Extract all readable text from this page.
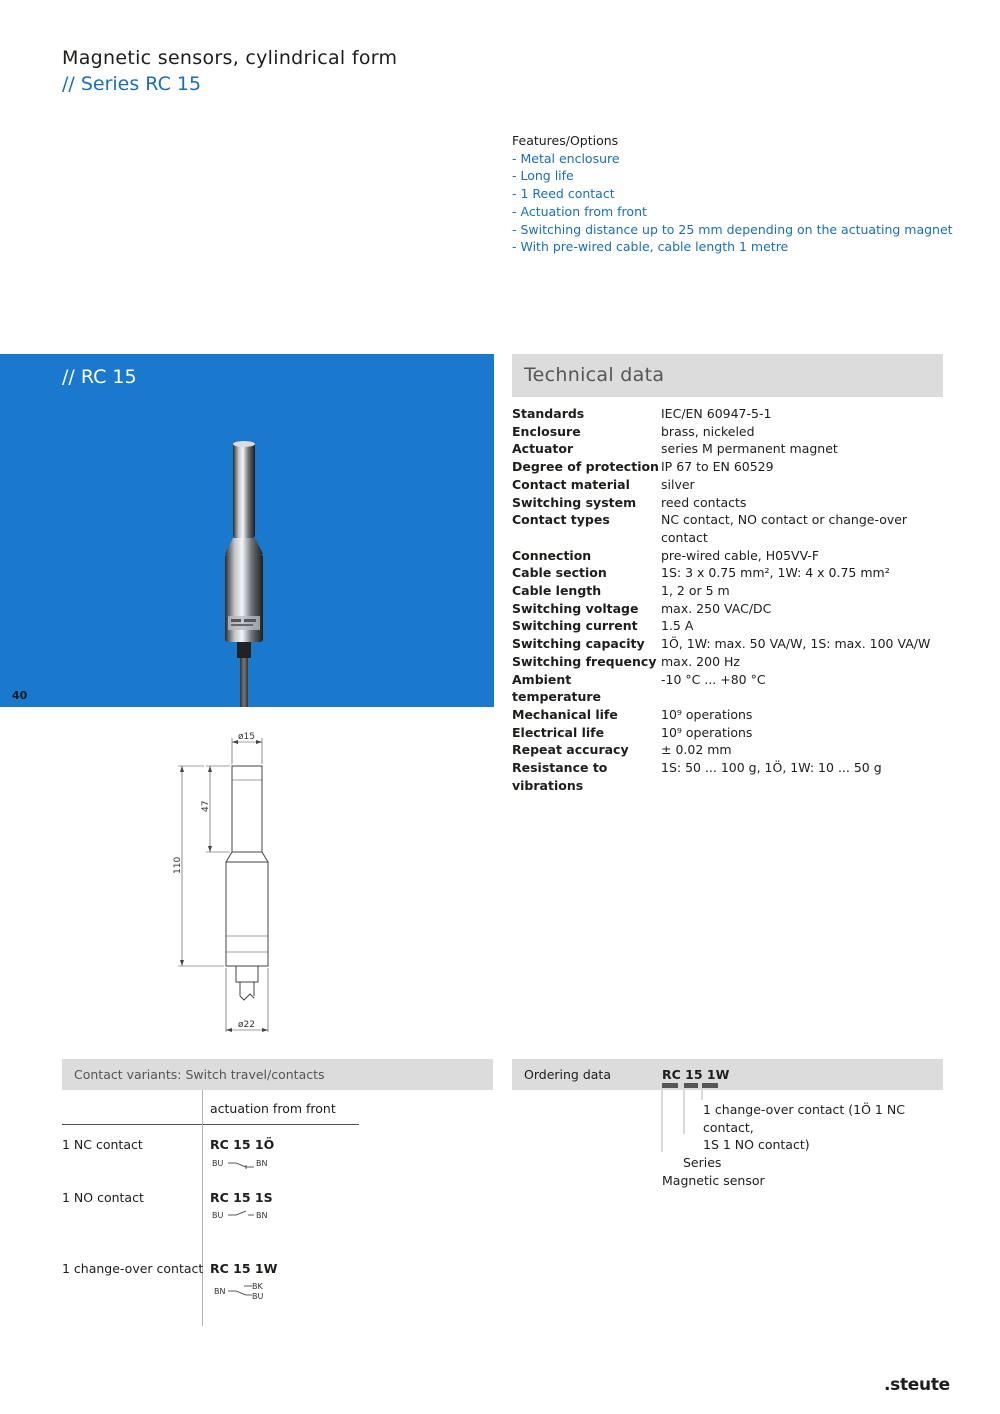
Magnetic sensors, cylindrical form
// Series RC 15
Features/Options
- Metal enclosure
- Long life
- 1 Reed contact
- Actuation from front
- Switching distance up to 25 mm depending on the actuating magnet
- With pre-wired cable, cable length 1 metre
// RC 15
40
Technical data
Standards	IEC/EN 60947-5-1
Enclosure	brass, nickeled
Actuator	series M permanent magnet
Degree of protection IP 67 to EN 60529
Contact material	silver
Switching system	reed contacts
Contact types	NC contact, NO contact or change-over contact
Connection	pre-wired cable, H05VV-F
Cable section	1S: 3 x 0.75 mm², 1W: 4 x 0.75 mm²
Cable length	1, 2 or 5 m
Switching voltage	max. 250 VAC/DC
Switching current	1.5 A
Switching capacity	1Ö, 1W: max. 50 VA/W, 1S: max. 100 VA/W
Switching frequency max. 200 Hz
Ambient temperature
-10 °C ... +80 °C
Mechanical life	10⁹ operations
Electrical life	10⁹ operations
Repeat accuracy	± 0.02 mm
Resistance to vibrations
1S: 50 ... 100 g, 1Ö, 1W: 10 ... 50 g
ø15
ø22
47
110
Contact variants: Switch travel/contacts
actuation from front
1 NC contact	RC 15 1Ö
BU	BN
1 NO contact	RC 15 1S
BU	BN
1 change-over contact RC 15 1W
BN
BK
BU
Ordering data	RC 15 1W
1 change-over contact (1Ö 1 NC
contact,
1S 1 NO contact)
Series
Magnetic sensor
.steute
